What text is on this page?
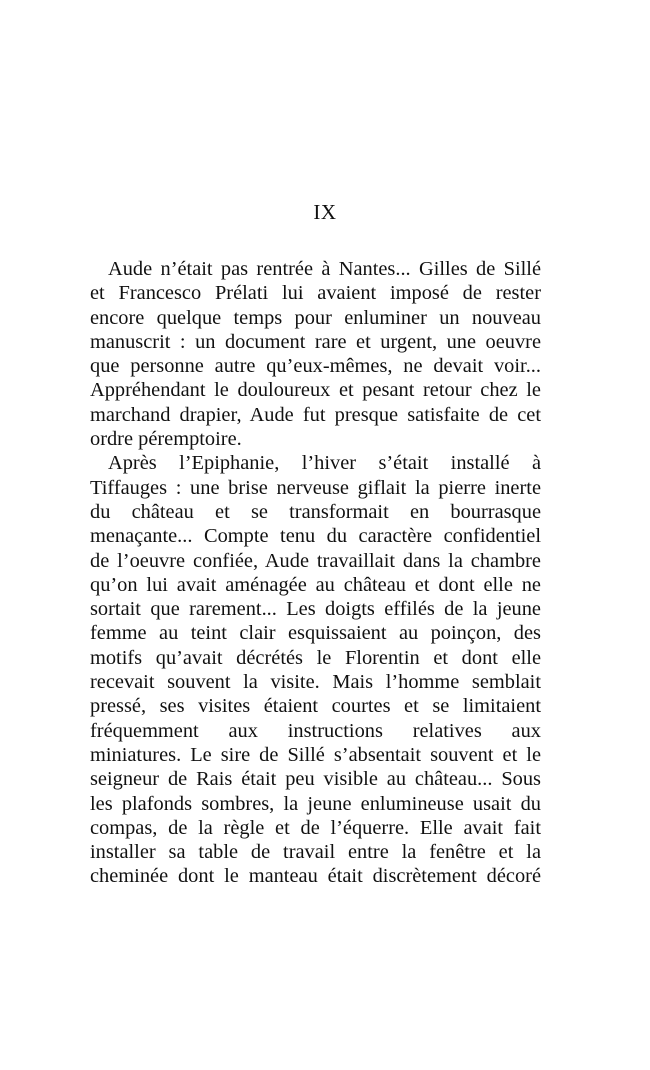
IX
Aude n’était pas rentrée à Nantes... Gilles de Sillé
et Francesco Prélati lui avaient imposé de rester
encore quelque temps pour enluminer un nouveau
manuscrit : un document rare et urgent, une oeuvre
que personne autre qu’eux-mêmes, ne devait voir...
Appréhendant le douloureux et pesant retour chez le
marchand drapier, Aude fut presque satisfaite de cet
ordre péremptoire.
Après l’Epiphanie, l’hiver s’était installé à
Tiffauges : une brise nerveuse giflait la pierre inerte
du château et se transformait en bourrasque
menaçante... Compte tenu du caractère confidentiel
de l’oeuvre confiée, Aude travaillait dans la chambre
qu’on lui avait aménagée au château et dont elle ne
sortait que rarement... Les doigts effilés de la jeune
femme au teint clair esquissaient au poinçon, des
motifs qu’avait décrétés le Florentin et dont elle
recevait souvent la visite. Mais l’homme semblait
pressé, ses visites étaient courtes et se limitaient
fréquemment aux instructions relatives aux
miniatures. Le sire de Sillé s’absentait souvent et le
seigneur de Rais était peu visible au château... Sous
les plafonds sombres, la jeune enlumineuse usait du
compas, de la règle et de l’équerre. Elle avait fait
installer sa table de travail entre la fenêtre et la
cheminée dont le manteau était discrètement décoré
